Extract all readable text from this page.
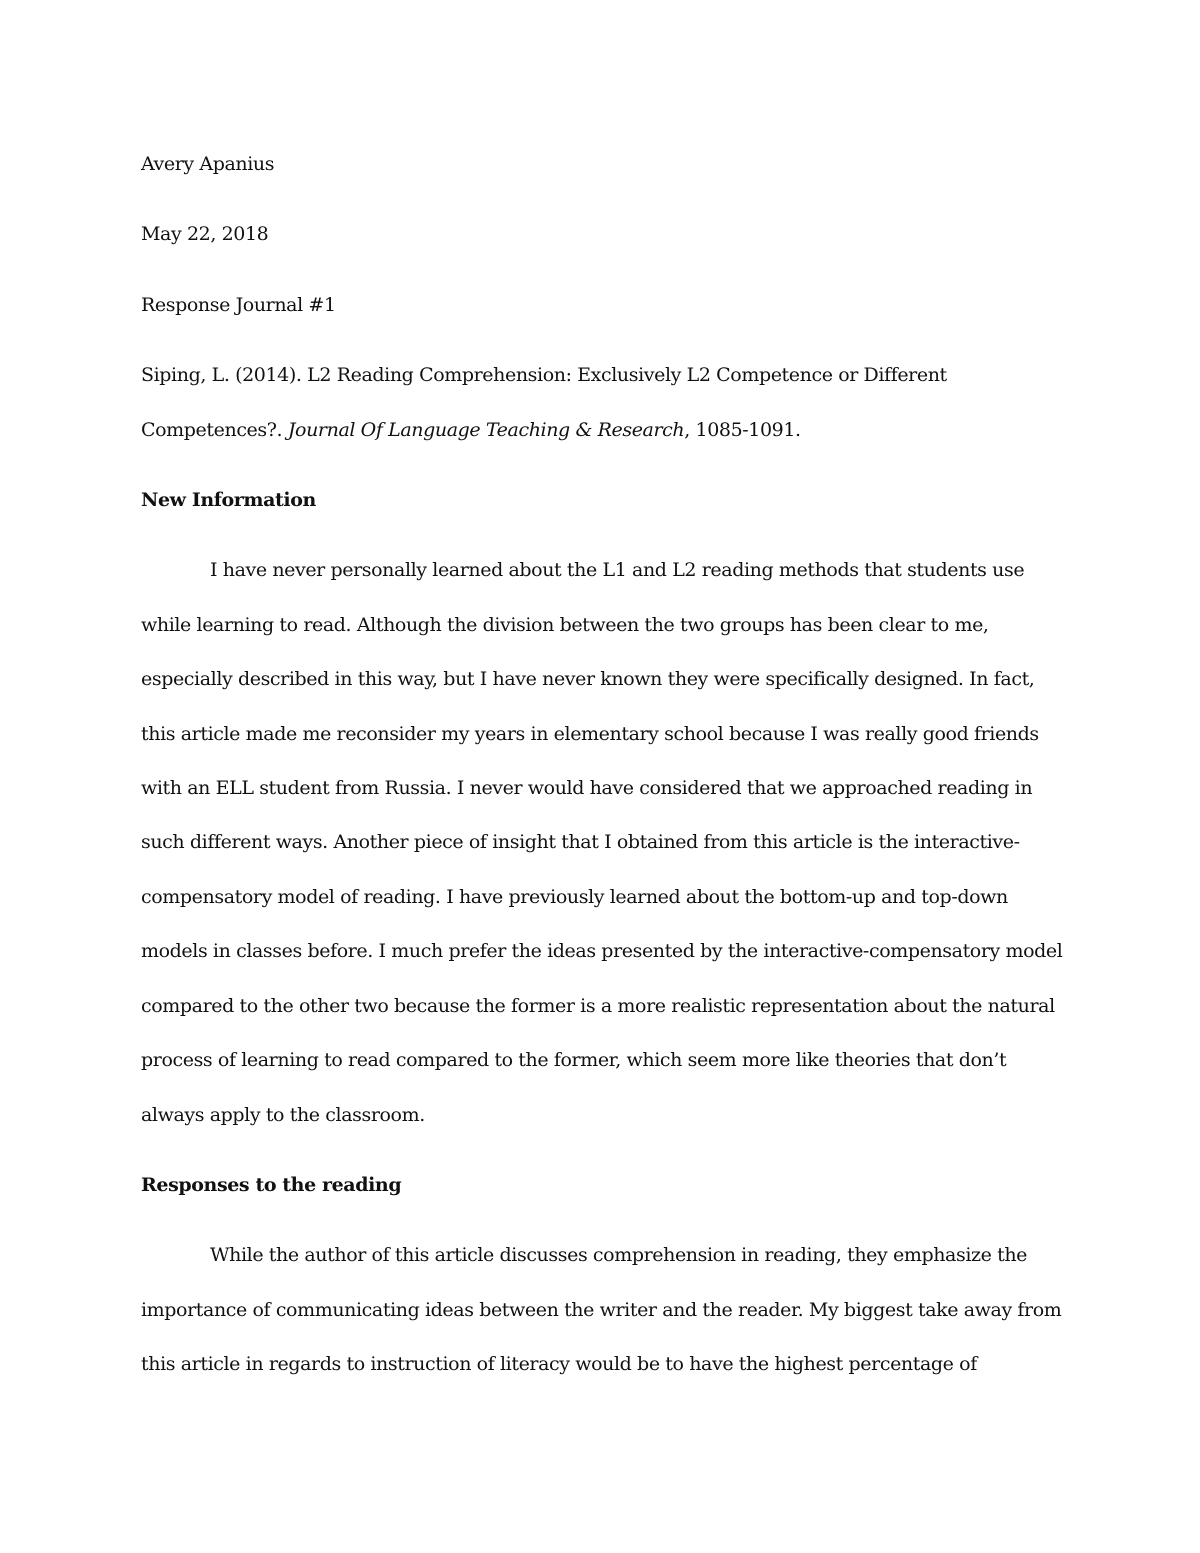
Avery Apanius
May 22, 2018
Response Journal #1
Siping, L. (2014). L2 Reading Comprehension: Exclusively L2 Competence or Different Competences?. Journal Of Language Teaching & Research, 1085-1091.
New Information
I have never personally learned about the L1 and L2 reading methods that students use while learning to read. Although the division between the two groups has been clear to me, especially described in this way, but I have never known they were specifically designed. In fact, this article made me reconsider my years in elementary school because I was really good friends with an ELL student from Russia. I never would have considered that we approached reading in such different ways. Another piece of insight that I obtained from this article is the interactive-compensatory model of reading. I have previously learned about the bottom-up and top-down models in classes before. I much prefer the ideas presented by the interactive-compensatory model compared to the other two because the former is a more realistic representation about the natural process of learning to read compared to the former, which seem more like theories that don’t always apply to the classroom.
Responses to the reading
While the author of this article discusses comprehension in reading, they emphasize the importance of communicating ideas between the writer and the reader. My biggest take away from this article in regards to instruction of literacy would be to have the highest percentage of
